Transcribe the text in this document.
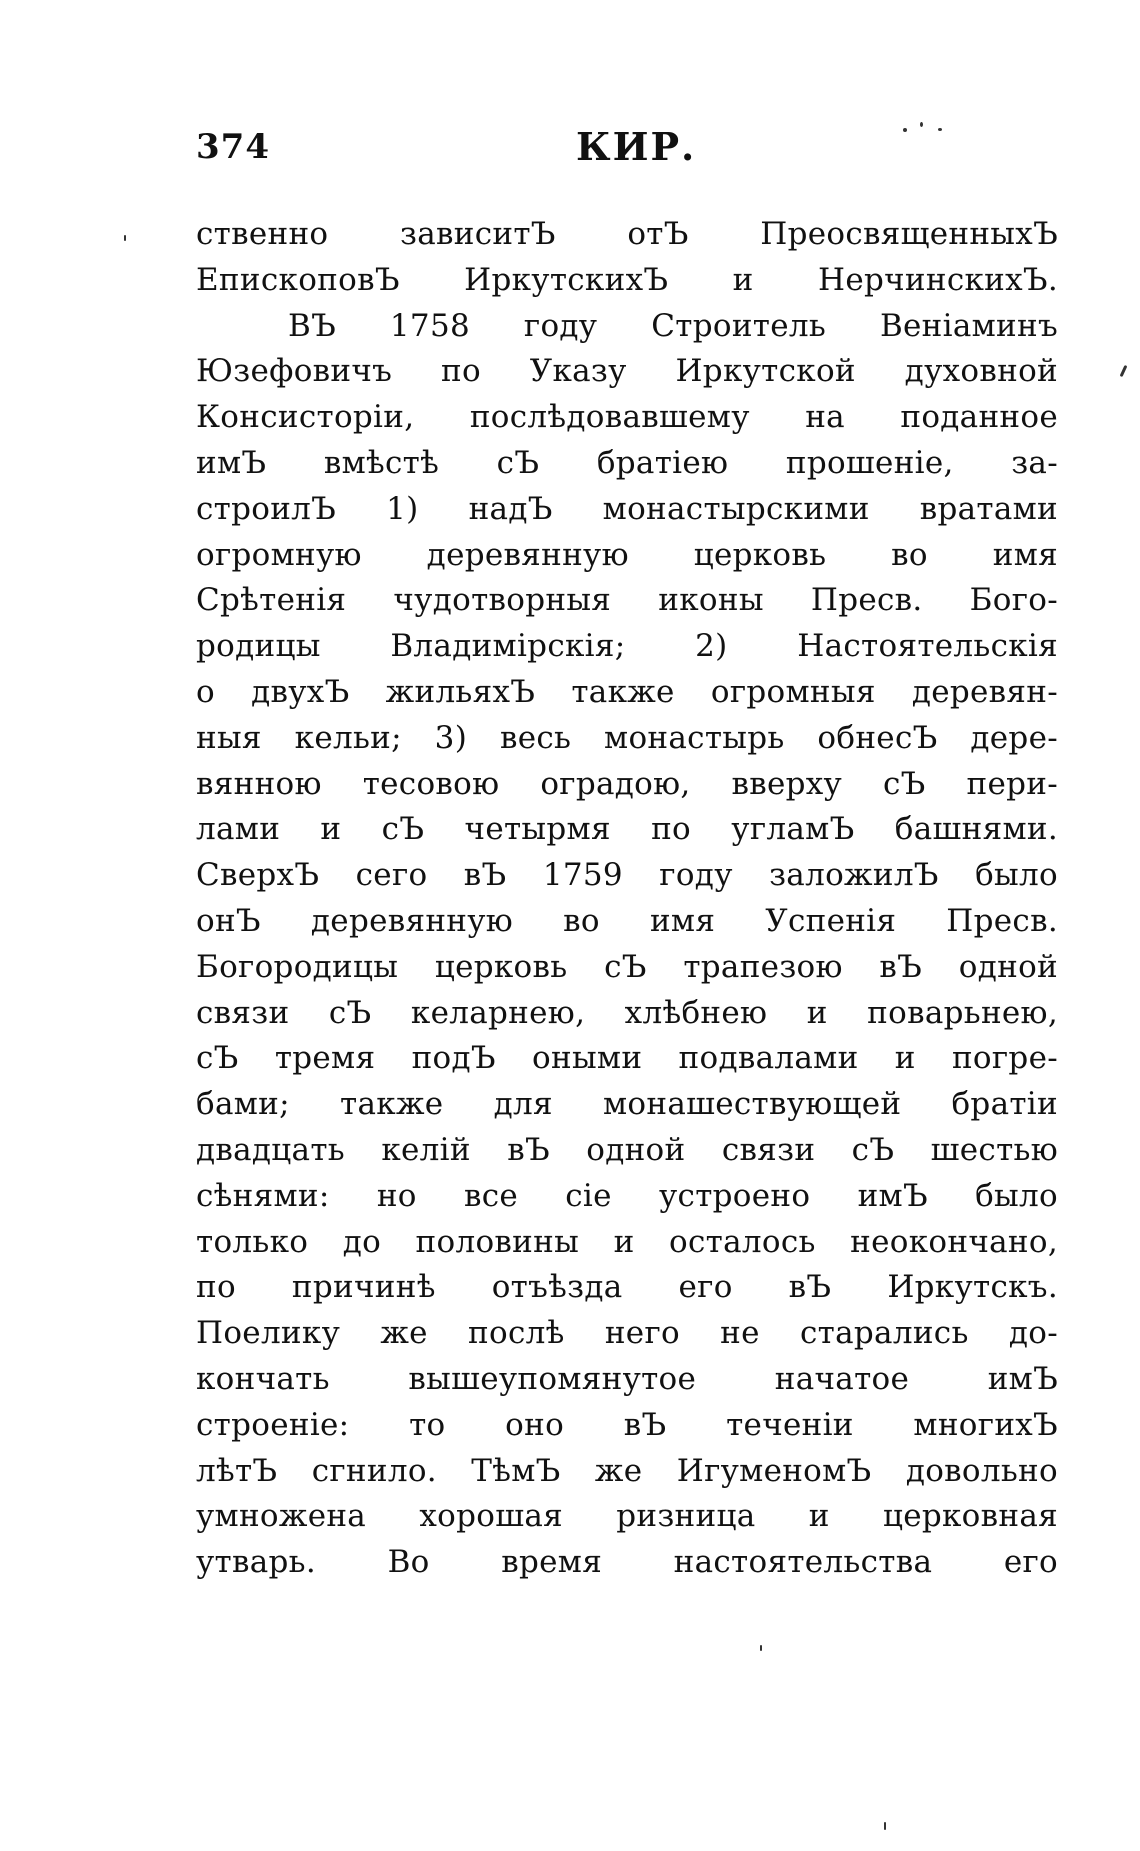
374	КИР.
ственно зависитЪ отЪ ПреосвященныхЪ
ЕпископовЪ ИркутскихЪ и НерчинскихЪ.
ВЪ 1758 году Строитель Веніаминъ
Юзефовичъ по Указу Иркутской духовной
Консисторіи, послѣдовавшему на поданное
имЪ вмѣстѣ сЪ братіею прошеніе, за-
строилЪ 1) надЪ монастырскими вратами
огромную деревянную церковь во имя
Срѣтенія чудотворныя иконы Пресв. Бого-
родицы Владимірскія; 2) Настоятельскія
о двухЪ жильяхЪ также огромныя деревян-
ныя кельи; 3) весь монастырь обнесЪ дере-
вянною тесовою оградою, вверху сЪ пери-
лами и сЪ четырмя по угламЪ башнями.
СверхЪ сего вЪ 1759 году заложилЪ было
онЪ деревянную во имя Успенія Пресв.
Богородицы церковь сЪ трапезою вЪ одной
связи сЪ келарнею, хлѣбнею и поварьнею,
сЪ тремя подЪ оными подвалами и погре-
бами; также для монашествующей братіи
двадцать келій вЪ одной связи сЪ шестью
сѣнями: но все сіе устроено имЪ было
только до половины и осталось неокончано,
по причинѣ отъѣзда его вЪ Иркутскъ.
Поелику же послѣ него не старались до-
кончать вышеупомянутое начатое имЪ
строеніе: то оно вЪ теченіи многихЪ
лѣтЪ сгнило. ТѣмЪ же ИгуменомЪ довольно
умножена хорошая ризница и церковная
утварь. Во время настоятельства его
